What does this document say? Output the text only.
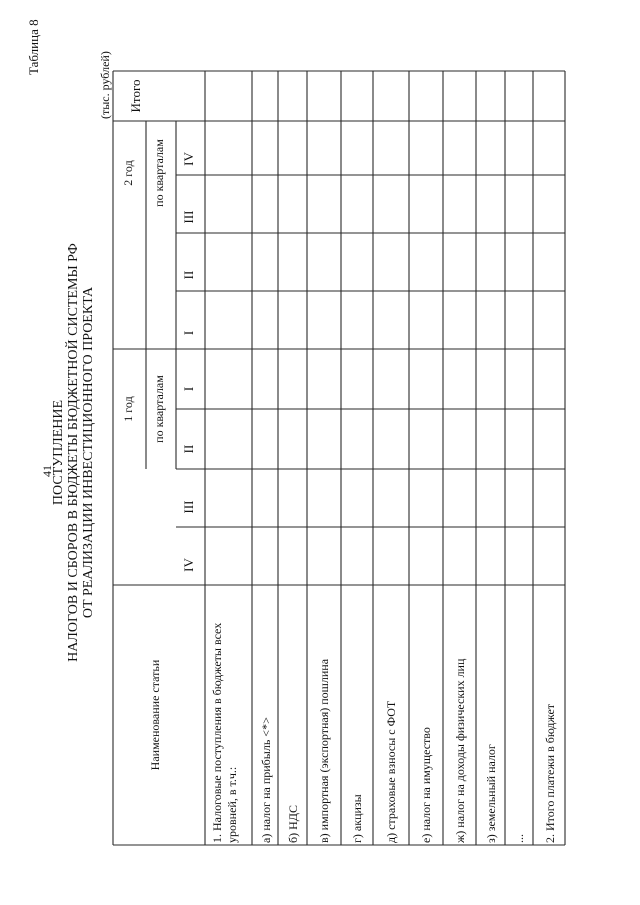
41
Таблица 8
ПОСТУПЛЕНИЕ НАЛОГОВ И СБОРОВ В БЮДЖЕТЫ БЮДЖЕТНОЙ СИСТЕМЫ РФ ОТ РЕАЛИЗАЦИИ ИНВЕСТИЦИОННОГО ПРОЕКТА
(тыс. рублей)
Наименование статьи
1 год
2 год
по кварталам
по кварталам
Итого
I
II
III
IV
I
II
III
IV
1. Налоговые поступления в бюджеты всех уровней, в т.ч.: а) налог на прибыль <*> б) НДС в) импортная (экспортная) пошлина г) акцизы д) страховые взносы с ФОТ е) налог на имущество ж) налог на доходы физических лиц з) земельный налог ... 2. Итого платежи в бюджет
